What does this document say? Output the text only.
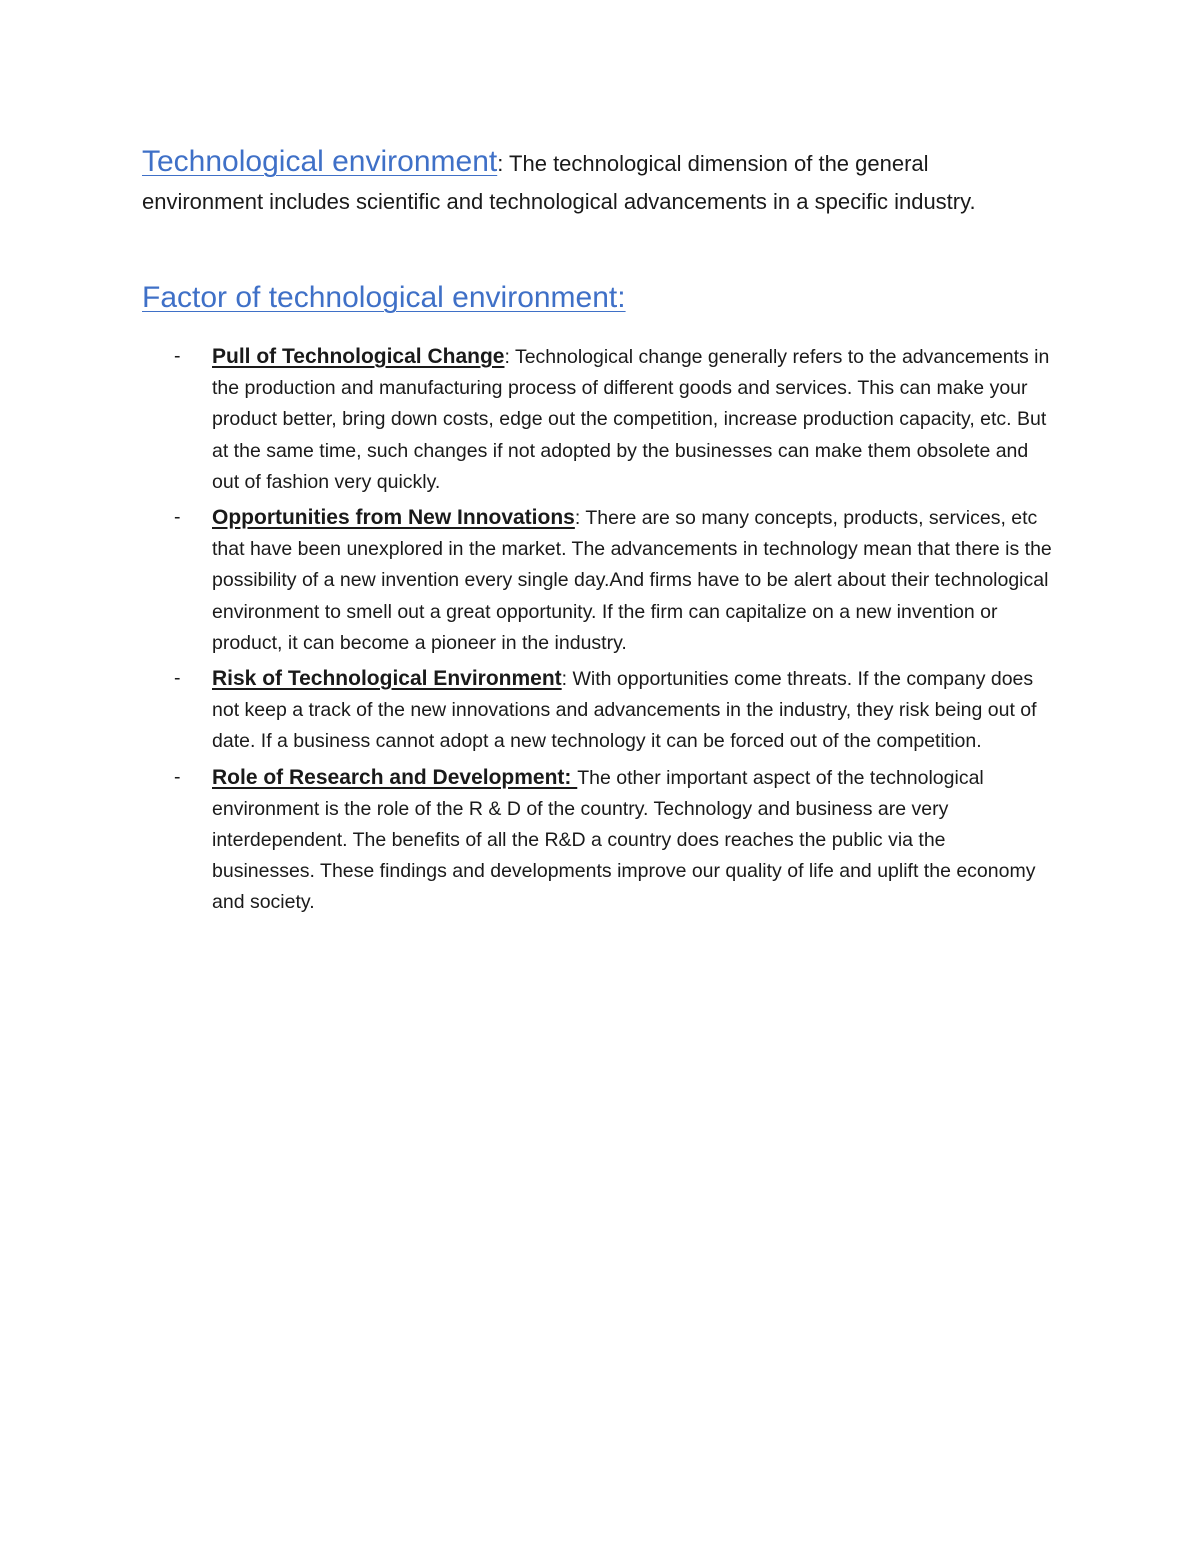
Technological environment: The technological dimension of the general environment includes scientific and technological advancements in a specific industry.

Factor of technological environment:
- Pull of Technological Change: Technological change generally refers to the advancements in the production and manufacturing process of different goods and services. This can make your product better, bring down costs, edge out the competition, increase production capacity, etc. But at the same time, such changes if not adopted by the businesses can make them obsolete and out of fashion very quickly.
- Opportunities from New Innovations: There are so many concepts, products, services, etc that have been unexplored in the market. The advancements in technology mean that there is the possibility of a new invention every single day.And firms have to be alert about their technological environment to smell out a great opportunity. If the firm can capitalize on a new invention or product, it can become a pioneer in the industry.
- Risk of Technological Environment: With opportunities come threats. If the company does not keep a track of the new innovations and advancements in the industry, they risk being out of date. If a business cannot adopt a new technology it can be forced out of the competition.
- Role of Research and Development: The other important aspect of the technological environment is the role of the R & D of the country. Technology and business are very interdependent. The benefits of all the R&D a country does reaches the public via the businesses. These findings and developments improve our quality of life and uplift the economy and society.
